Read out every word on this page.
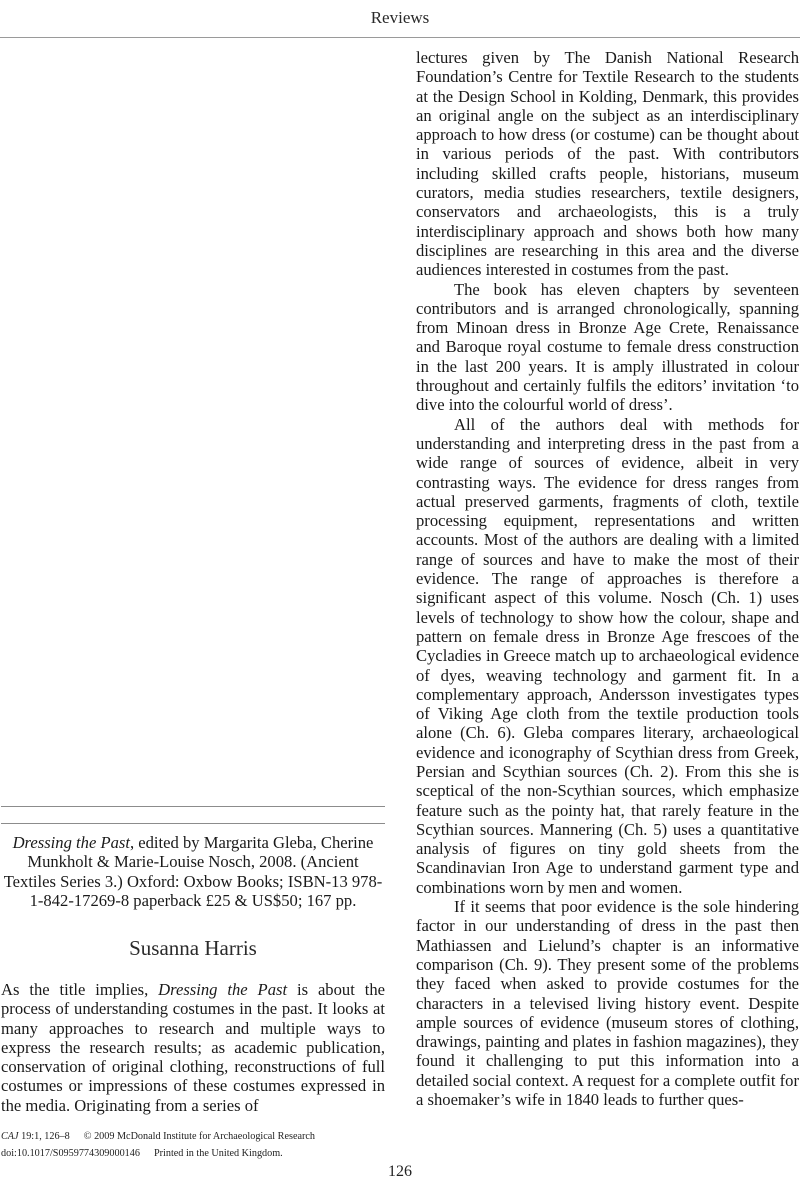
Reviews
Dressing the Past, edited by Margarita Gleba, Cherine Munkholt & Marie-Louise Nosch, 2008. (Ancient Textiles Series 3.) Oxford: Oxbow Books; ISBN-13 978-1-842-17269-8 paperback £25 & US$50; 167 pp.
Susanna Harris

As the title implies, Dressing the Past is about the process of understanding costumes in the past. It looks at many approaches to research and multiple ways to express the research results; as academic publication, conservation of original clothing, reconstructions of full costumes or impressions of these costumes expressed in the media. Originating from a series of

CAJ 19:1, 126–8 © 2009 McDonald Institute for Archaeological Research
doi:10.1017/S0959774309000146 Printed in the United Kingdom.

lectures given by The Danish National Research Foundation’s Centre for Textile Research to the students at the Design School in Kolding, Denmark, this provides an original angle on the subject as an interdisciplinary approach to how dress (or costume) can be thought about in various periods of the past. With contributors including skilled crafts people, historians, museum curators, media studies researchers, textile designers, conservators and archaeologists, this is a truly interdisciplinary approach and shows both how many disciplines are researching in this area and the diverse audiences interested in costumes from the past.

The book has eleven chapters by seventeen contributors and is arranged chronologically, spanning from Minoan dress in Bronze Age Crete, Renaissance and Baroque royal costume to female dress construction in the last 200 years. It is amply illustrated in colour throughout and certainly fulfils the editors’ invitation ‘to dive into the colourful world of dress’.

All of the authors deal with methods for understanding and interpreting dress in the past from a wide range of sources of evidence, albeit in very contrasting ways. The evidence for dress ranges from actual preserved garments, fragments of cloth, textile processing equipment, representations and written accounts. Most of the authors are dealing with a limited range of sources and have to make the most of their evidence. The range of approaches is therefore a significant aspect of this volume. Nosch (Ch. 1) uses levels of technology to show how the colour, shape and pattern on female dress in Bronze Age frescoes of the Cycladies in Greece match up to archaeological evidence of dyes, weaving technology and garment fit. In a complementary approach, Andersson investigates types of Viking Age cloth from the textile production tools alone (Ch. 6). Gleba compares literary, archaeological evidence and iconography of Scythian dress from Greek, Persian and Scythian sources (Ch. 2). From this she is sceptical of the non-Scythian sources, which emphasize feature such as the pointy hat, that rarely feature in the Scythian sources. Mannering (Ch. 5) uses a quantitative analysis of figures on tiny gold sheets from the Scandinavian Iron Age to understand garment type and combinations worn by men and women.

If it seems that poor evidence is the sole hindering factor in our understanding of dress in the past then Mathiassen and Lielund’s chapter is an informative comparison (Ch. 9). They present some of the problems they faced when asked to provide costumes for the characters in a televised living history event. Despite ample sources of evidence (museum stores of clothing, drawings, painting and plates in fashion magazines), they found it challenging to put this information into a detailed social context. A request for a complete outfit for a shoemaker’s wife in 1840 leads to further ques-

126
